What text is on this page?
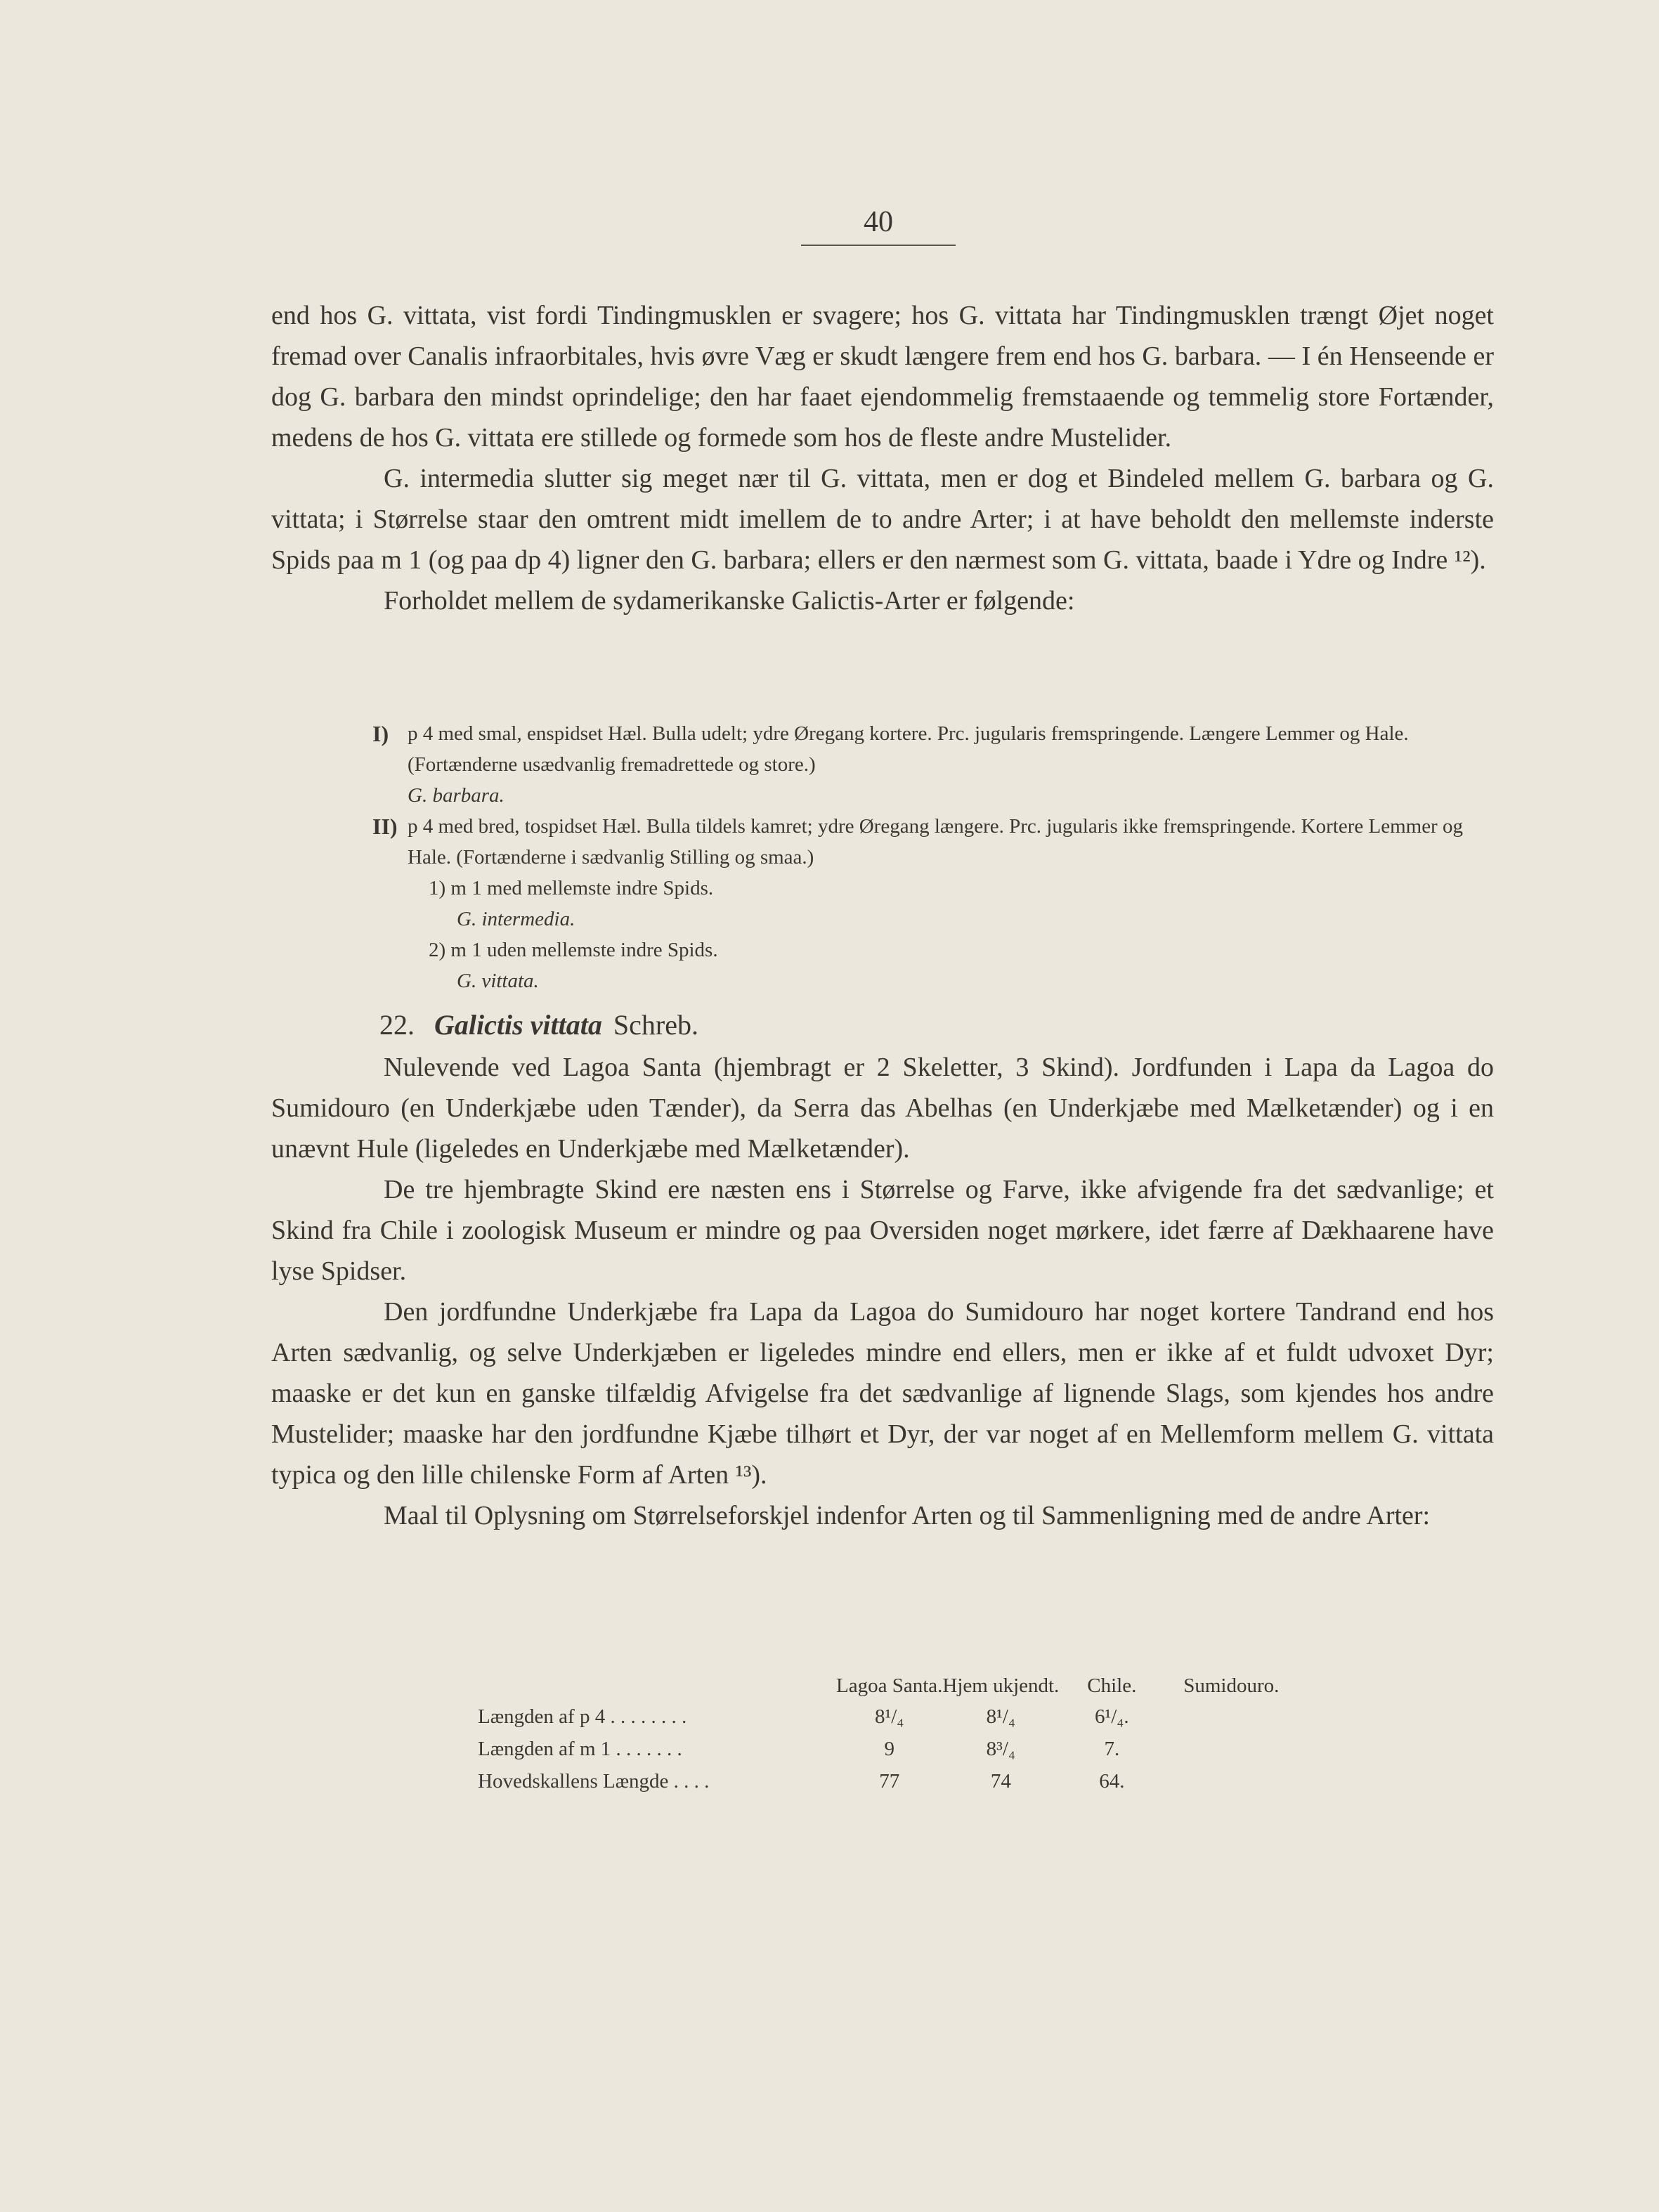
40

end hos G. vittata, vist fordi Tindingmusklen er svagere; hos G. vittata har Tindingmusklen trængt Øjet noget fremad over Canalis infraorbitales, hvis øvre Væg er skudt længere frem end hos G. barbara. — I én Henseende er dog G. barbara den mindst oprindelige; den har faaet ejendommelig fremstaaende og temmelig store Fortænder, medens de hos G. vittata ere stillede og formede som hos de fleste andre Mustelider.

G. intermedia slutter sig meget nær til G. vittata, men er dog et Bindeled mellem G. barbara og G. vittata; i Størrelse staar den omtrent midt imellem de to andre Arter; i at have beholdt den mellemste inderste Spids paa m 1 (og paa dp 4) ligner den G. barbara; ellers er den nærmest som G. vittata, baade i Ydre og Indre ¹²).

Forholdet mellem de sydamerikanske Galictis-Arter er følgende:

I) p 4 med smal, enspidset Hæl. Bulla udelt; ydre Øregang kortere. Prc. jugularis fremspringende. Længere Lemmer og Hale. (Fortænderne usædvanlig fremadrettede og store.)
G. barbara.
II) p 4 med bred, tospidset Hæl. Bulla tildels kamret; ydre Øregang længere. Prc. jugularis ikke fremspringende. Kortere Lemmer og Hale. (Fortænderne i sædvanlig Stilling og smaa.)
1) m 1 med mellemste indre Spids.
G. intermedia.
2) m 1 uden mellemste indre Spids.
G. vittata.
22. Galictis vittata Schreb.

Nulevende ved Lagoa Santa (hjembragt er 2 Skeletter, 3 Skind). Jordfunden i Lapa da Lagoa do Sumidouro (en Underkjæbe uden Tænder), da Serra das Abelhas (en Underkjæbe med Mælketænder) og i en unævnt Hule (ligeledes en Underkjæbe med Mælketænder).

De tre hjembragte Skind ere næsten ens i Størrelse og Farve, ikke afvigende fra det sædvanlige; et Skind fra Chile i zoologisk Museum er mindre og paa Oversiden noget mørkere, idet færre af Dækhaarene have lyse Spidser.

Den jordfundne Underkjæbe fra Lapa da Lagoa do Sumidouro har noget kortere Tandrand end hos Arten sædvanlig, og selve Underkjæben er ligeledes mindre end ellers, men er ikke af et fuldt udvoxet Dyr; maaske er det kun en ganske tilfældig Afvigelse fra det sædvanlige af lignende Slags, som kjendes hos andre Mustelider; maaske har den jordfundne Kjæbe tilhørt et Dyr, der var noget af en Mellemform mellem G. vittata typica og den lille chilenske Form af Arten ¹³).

Maal til Oplysning om Størrelseforskjel indenfor Arten og til Sammenligning med de andre Arter:

	Lagoa Santa.	Hjem ukjendt.	Chile.	Sumidouro.
Længden af p 4 . . . . . . . .	8¹/₄	8¹/₄	6¹/₄.	
Længden af m 1 . . . . . . .	9	8³/₄	7.	
Hovedskallens Længde . . . .	77	74	64.	
